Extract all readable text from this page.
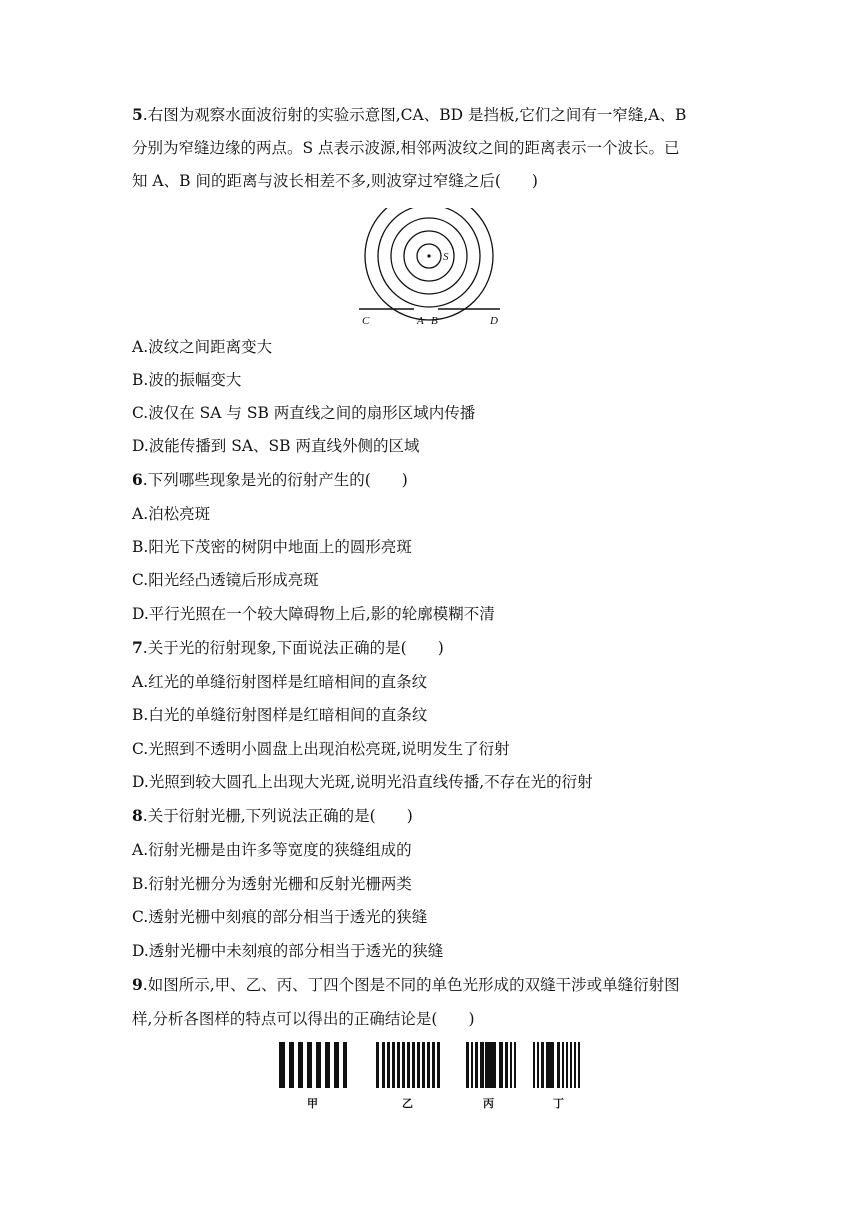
5.右图为观察水面波衍射的实验示意图,CA、BD 是挡板,它们之间有一窄缝,A、B
分别为窄缝边缘的两点。S 点表示波源,相邻两波纹之间的距离表示一个波长。已
知 A、B 间的距离与波长相差不多,则波穿过窄缝之后(　　)
S
C	A B	D
A.波纹之间距离变大
B.波的振幅变大
C.波仅在 SA 与 SB 两直线之间的扇形区域内传播
D.波能传播到 SA、SB 两直线外侧的区域
6.下列哪些现象是光的衍射产生的(　　)
A.泊松亮斑
B.阳光下茂密的树阴中地面上的圆形亮斑
C.阳光经凸透镜后形成亮斑
D.平行光照在一个较大障碍物上后,影的轮廓模糊不清
7.关于光的衍射现象,下面说法正确的是(　　)
A.红光的单缝衍射图样是红暗相间的直条纹
B.白光的单缝衍射图样是红暗相间的直条纹
C.光照到不透明小圆盘上出现泊松亮斑,说明发生了衍射
D.光照到较大圆孔上出现大光斑,说明光沿直线传播,不存在光的衍射
8.关于衍射光栅,下列说法正确的是(　　)
A.衍射光栅是由许多等宽度的狭缝组成的
B.衍射光栅分为透射光栅和反射光栅两类
C.透射光栅中刻痕的部分相当于透光的狭缝
D.透射光栅中未刻痕的部分相当于透光的狭缝
9.如图所示,甲、乙、丙、丁四个图是不同的单色光形成的双缝干涉或单缝衍射图
样,分析各图样的特点可以得出的正确结论是(　　)
甲	乙	丙	丁
